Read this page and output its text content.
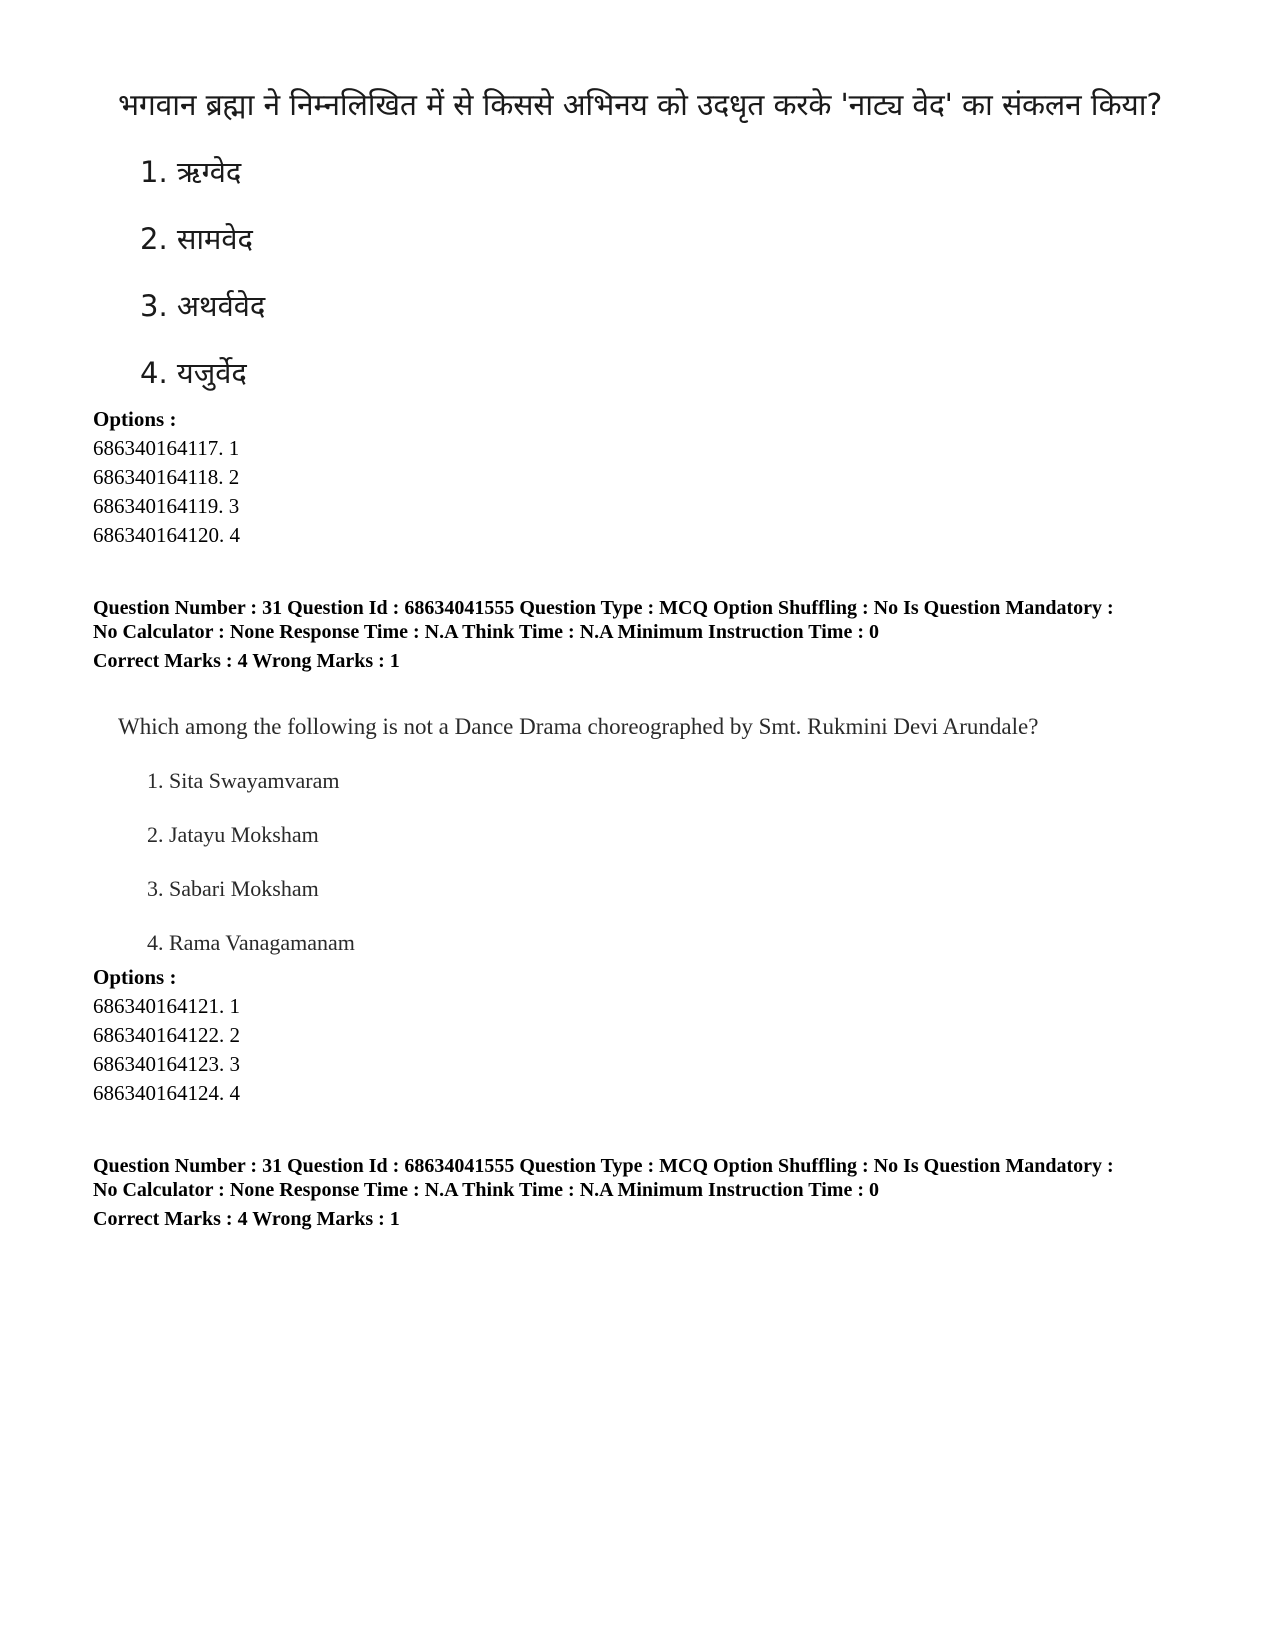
भगवान ब्रह्मा ने निम्नलिखित में से किससे अभिनय को उदधृत करके 'नाट्य वेद' का संकलन किया?
1. ऋग्वेद
2. सामवेद
3. अथर्ववेद
4. यजुर्वेद
Options :
686340164117. 1
686340164118. 2
686340164119. 3
686340164120. 4
Question Number : 31 Question Id : 68634041555 Question Type : MCQ Option Shuffling : No Is Question Mandatory :
No Calculator : None Response Time : N.A Think Time : N.A Minimum Instruction Time : 0
Correct Marks : 4 Wrong Marks : 1
Which among the following is not a Dance Drama choreographed by Smt. Rukmini Devi Arundale?
1. Sita Swayamvaram
2. Jatayu Moksham
3. Sabari Moksham
4. Rama Vanagamanam
Options :
686340164121. 1
686340164122. 2
686340164123. 3
686340164124. 4
Question Number : 31 Question Id : 68634041555 Question Type : MCQ Option Shuffling : No Is Question Mandatory :
No Calculator : None Response Time : N.A Think Time : N.A Minimum Instruction Time : 0
Correct Marks : 4 Wrong Marks : 1
